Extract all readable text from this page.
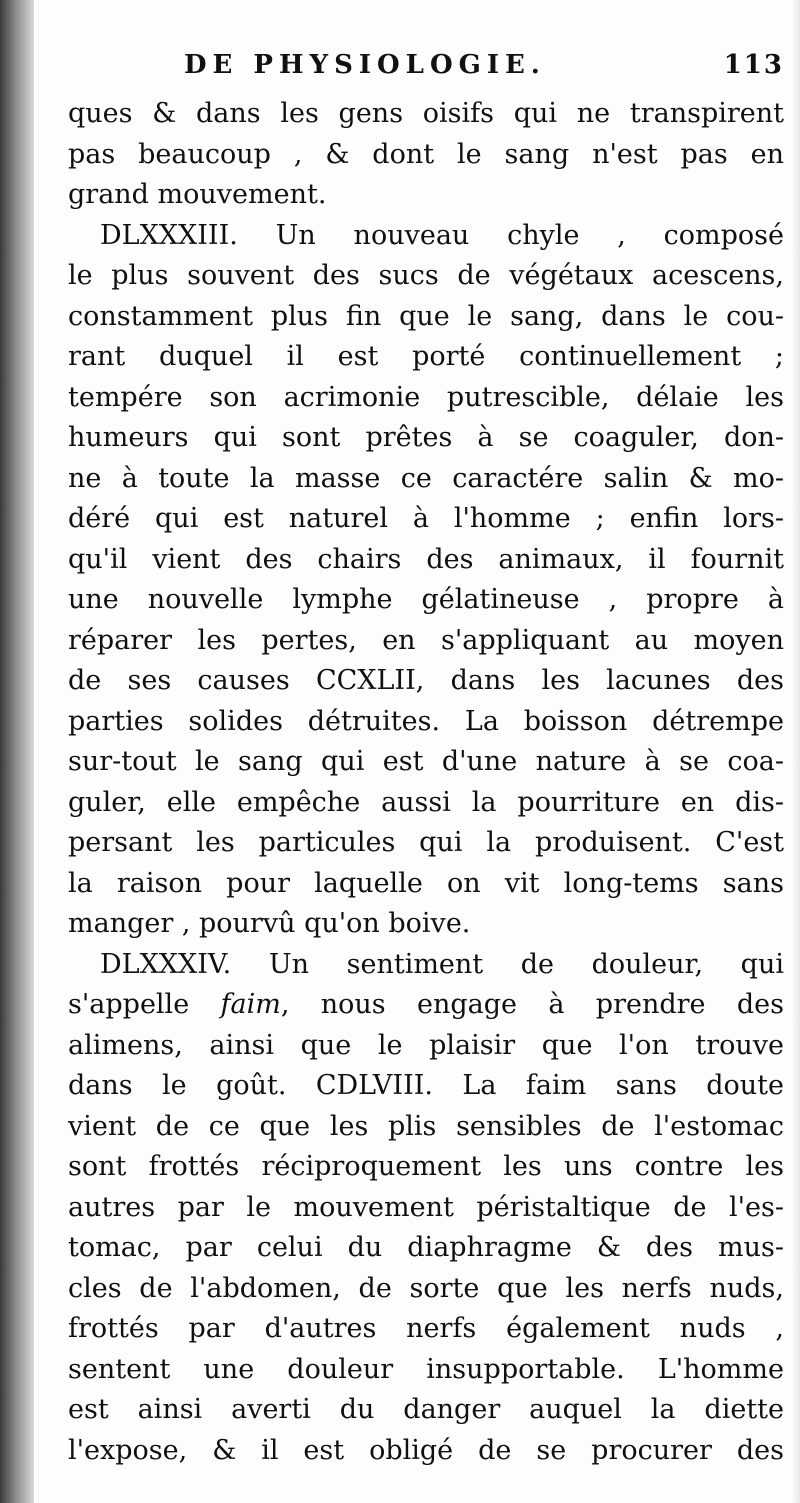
DE PHYSIOLOGIE.	113
ques & dans les gens oisifs qui ne transpirent
pas beaucoup , & dont le sang n'est pas en
grand mouvement.
DLXXXIII. Un nouveau chyle , composé
le plus souvent des sucs de végétaux acescens,
constamment plus fin que le sang, dans le cou-
rant duquel il est porté continuellement ;
tempére son acrimonie putrescible, délaie les
humeurs qui sont prêtes à se coaguler, don-
ne à toute la masse ce caractére salin & mo-
déré qui est naturel à l'homme ; enfin lors-
qu'il vient des chairs des animaux, il fournit
une nouvelle lymphe gélatineuse , propre à
réparer les pertes, en s'appliquant au moyen
de ses causes CCXLII, dans les lacunes des
parties solides détruites. La boisson détrempe
sur-tout le sang qui est d'une nature à se coa-
guler, elle empêche aussi la pourriture en dis-
persant les particules qui la produisent. C'est
la raison pour laquelle on vit long-tems sans
manger , pourvû qu'on boive.
DLXXXIV. Un sentiment de douleur, qui
s'appelle faim, nous engage à prendre des
alimens, ainsi que le plaisir que l'on trouve
dans le goût. CDLVIII. La faim sans doute
vient de ce que les plis sensibles de l'estomac
sont frottés réciproquement les uns contre les
autres par le mouvement péristaltique de l'es-
tomac, par celui du diaphragme & des mus-
cles de l'abdomen, de sorte que les nerfs nuds,
frottés par d'autres nerfs également nuds ,
sentent une douleur insupportable. L'homme
est ainsi averti du danger auquel la diette
l'expose, & il est obligé de se procurer des
